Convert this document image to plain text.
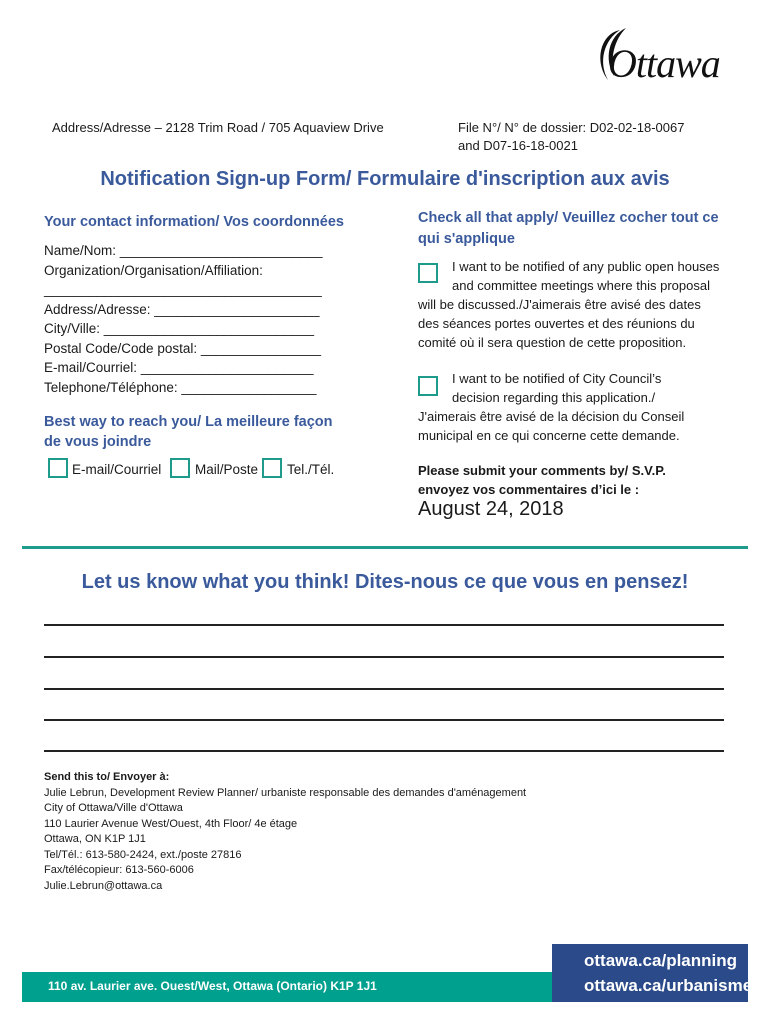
Ottawa
Address/Adresse – 2128 Trim Road / 705 Aquaview Drive	File N°/ N° de dossier: D02-02-18-0067
and D07-16-18-0021
Notification Sign-up Form/ Formulaire d'inscription aux avis
Your contact information/ Vos coordonnées
Name/Nom: ___________________________
Organization/Organisation/Affiliation:
_____________________________________
Address/Adresse: ______________________
City/Ville: ____________________________
Postal Code/Code postal: ________________
E-mail/Courriel: _______________________
Telephone/Téléphone: __________________
Best way to reach you/ La meilleure façon
de vous joindre
E-mail/Courriel Mail/Poste Tel./Tél.
Check all that apply/ Veuillez cocher tout ce
qui s'applique
I want to be notified of any public open houses
and committee meetings where this proposal
will be discussed./J'aimerais être avisé des dates
des séances portes ouvertes et des réunions du
comité où il sera question de cette proposition.
I want to be notified of City Council’s
decision regarding this application./
J'aimerais être avisé de la décision du Conseil
municipal en ce qui concerne cette demande.
Please submit your comments by/ S.V.P.
envoyez vos commentaires d’ici le :
August 24, 2018
Let us know what you think! Dites-nous ce que vous en pensez!
Send this to/ Envoyer à:
Julie Lebrun, Development Review Planner/ urbaniste responsable des demandes d'aménagement
City of Ottawa/Ville d'Ottawa
110 Laurier Avenue West/Ouest, 4th Floor/ 4e étage
Ottawa, ON K1P 1J1
Tel/Tél.: 613-580-2424, ext./poste 27816
Fax/télécopieur: 613-560-6006
Julie.Lebrun@ottawa.ca
110 av. Laurier ave. Ouest/West, Ottawa (Ontario) K1P 1J1
ottawa.ca/planning
ottawa.ca/urbanisme
